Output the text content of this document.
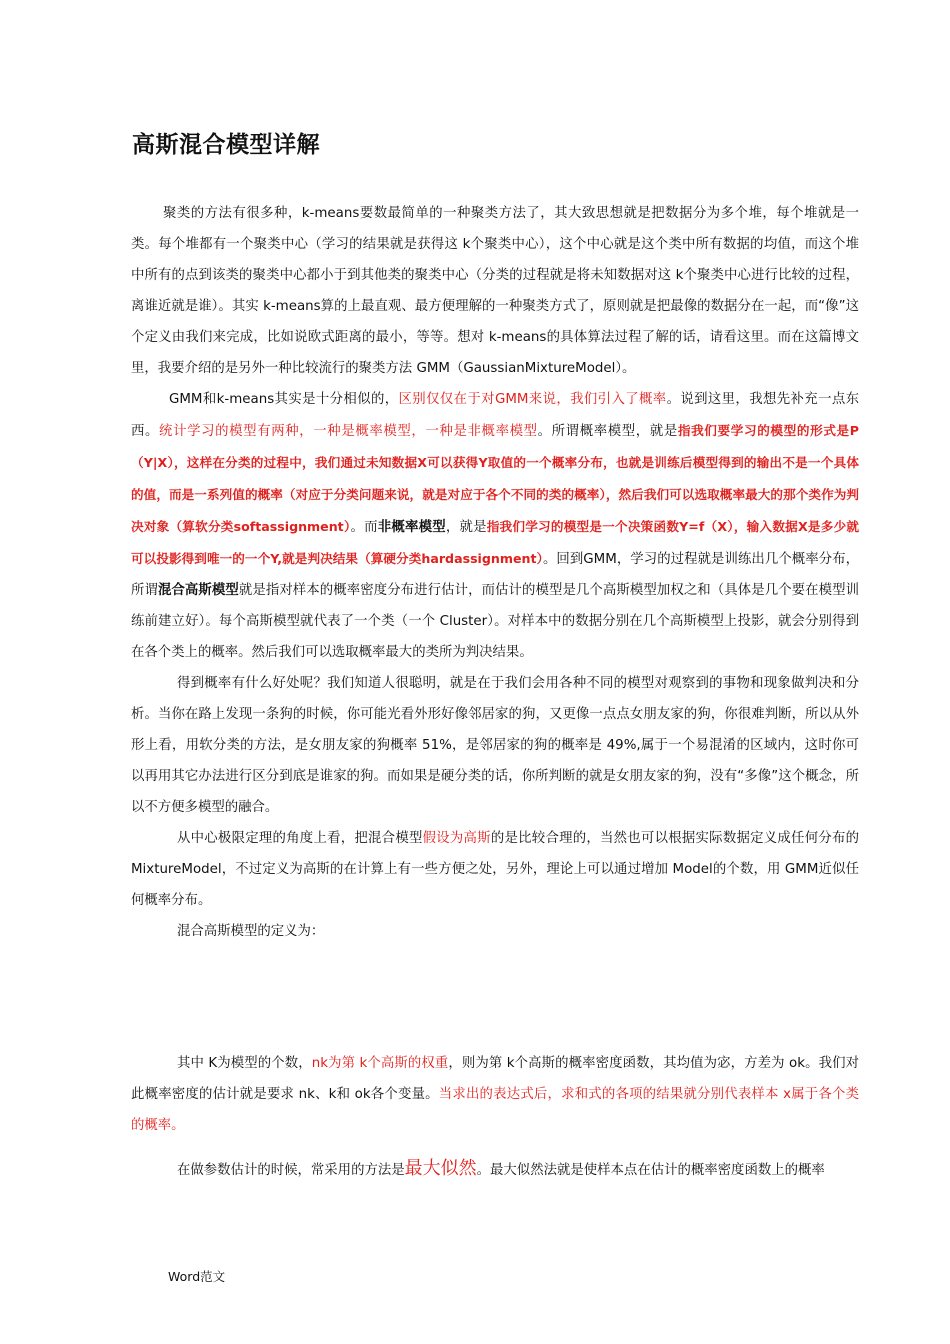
高斯混合模型详解

聚类的方法有很多种，k-means要数最简单的一种聚类方法了，其大致思想就是把数据分为多个堆，每个堆就是一类。每个堆都有一个聚类中心（学习的结果就是获得这 k个聚类中心），这个中心就是这个类中所有数据的均值，而这个堆中所有的点到该类的聚类中心都小于到其他类的聚类中心（分类的过程就是将未知数据对这 k个聚类中心进行比较的过程，离谁近就是谁）。其实 k-means算的上最直观、最方便理解的一种聚类方式了，原则就是把最像的数据分在一起，而“像”这个定义由我们来完成，比如说欧式距离的最小，等等。想对 k-means的具体算法过程了解的话，请看这里。而在这篇博文里，我要介绍的是另外一种比较流行的聚类方法 GMM（GaussianMixtureModel）。

GMM和k-means其实是十分相似的，区别仅仅在于对GMM来说，我们引入了概率。说到这里，我想先补充一点东西。统计学习的模型有两种，一种是概率模型，一种是非概率模型。所谓概率模型，就是指我们要学习的模型的形式是P（Y|X），这样在分类的过程中，我们通过未知数据X可以获得Y取值的一个概率分布，也就是训练后模型得到的输出不是一个具体的值，而是一系列值的概率（对应于分类问题来说，就是对应于各个不同的类的概率），然后我们可以选取概率最大的那个类作为判决对象（算软分类softassignment）。而非概率模型，就是指我们学习的模型是一个决策函数Y=f（X），输入数据X是多少就可以投影得到唯一的一个Y,就是判决结果（算硬分类hardassignment）。回到GMM，学习的过程就是训练出几个概率分布，所谓混合高斯模型就是指对样本的概率密度分布进行估计，而估计的模型是几个高斯模型加权之和（具体是几个要在模型训练前建立好）。每个高斯模型就代表了一个类（一个 Cluster）。对样本中的数据分别在几个高斯模型上投影，就会分别得到在各个类上的概率。然后我们可以选取概率最大的类所为判决结果。

得到概率有什么好处呢？我们知道人很聪明，就是在于我们会用各种不同的模型对观察到的事物和现象做判决和分析。当你在路上发现一条狗的时候，你可能光看外形好像邻居家的狗，又更像一点点女朋友家的狗，你很难判断，所以从外形上看，用软分类的方法，是女朋友家的狗概率 51%，是邻居家的狗的概率是 49%,属于一个易混淆的区域内，这时你可以再用其它办法进行区分到底是谁家的狗。而如果是硬分类的话，你所判断的就是女朋友家的狗，没有“多像”这个概念，所以不方便多模型的融合。

从中心极限定理的角度上看，把混合模型假设为高斯的是比较合理的，当然也可以根据实际数据定义成任何分布的 MixtureModel，不过定义为高斯的在计算上有一些方便之处，另外，理论上可以通过增加 Model的个数，用 GMM近似任何概率分布。

混合高斯模型的定义为：

其中 K为模型的个数，nk为第 k个高斯的权重，则为第 k个高斯的概率密度函数，其均值为宓，方差为 ok。我们对此概率密度的估计就是要求 nk、k和 ok各个变量。当求出的表达式后，求和式的各项的结果就分别代表样本 x属于各个类的概率。

在做参数估计的时候，常采用的方法是最大似然。最大似然法就是使样本点在估计的概率密度函数上的概率

Word范文
